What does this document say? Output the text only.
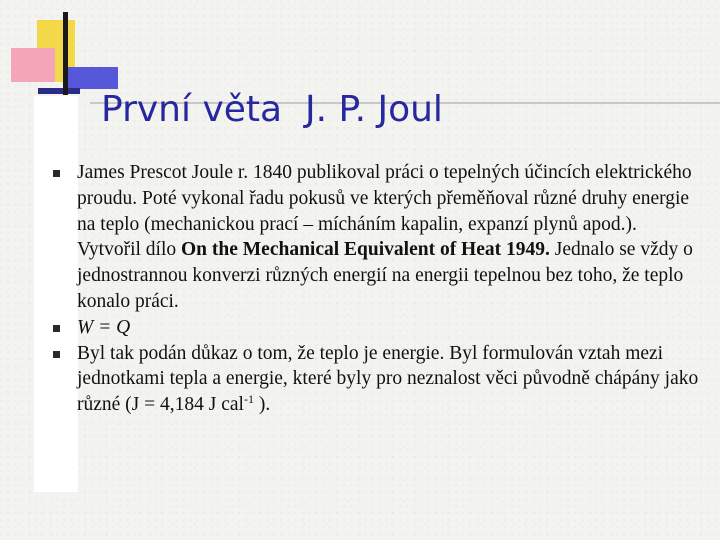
První věta  J. P. Joul
James Prescot Joule r. 1840 publikoval práci o tepelných účincích elektrického proudu. Poté vykonal řadu pokusů ve kterých přeměňoval různé druhy energie na teplo (mechanickou prací – mícháním kapalin, expanzí plynů apod.). Vytvořil dílo On the Mechanical Equivalent of Heat 1949. Jednalo se vždy o jednostrannou konverzi různých energií na energii tepelnou bez toho, že teplo konalo práci.
W = Q
Byl tak podán důkaz o tom, že teplo je energie. Byl formulován vztah mezi jednotkami tepla a energie, které byly pro neznalost věci původně chápány jako různé (J = 4,184 J cal$^{-1}$ ).
